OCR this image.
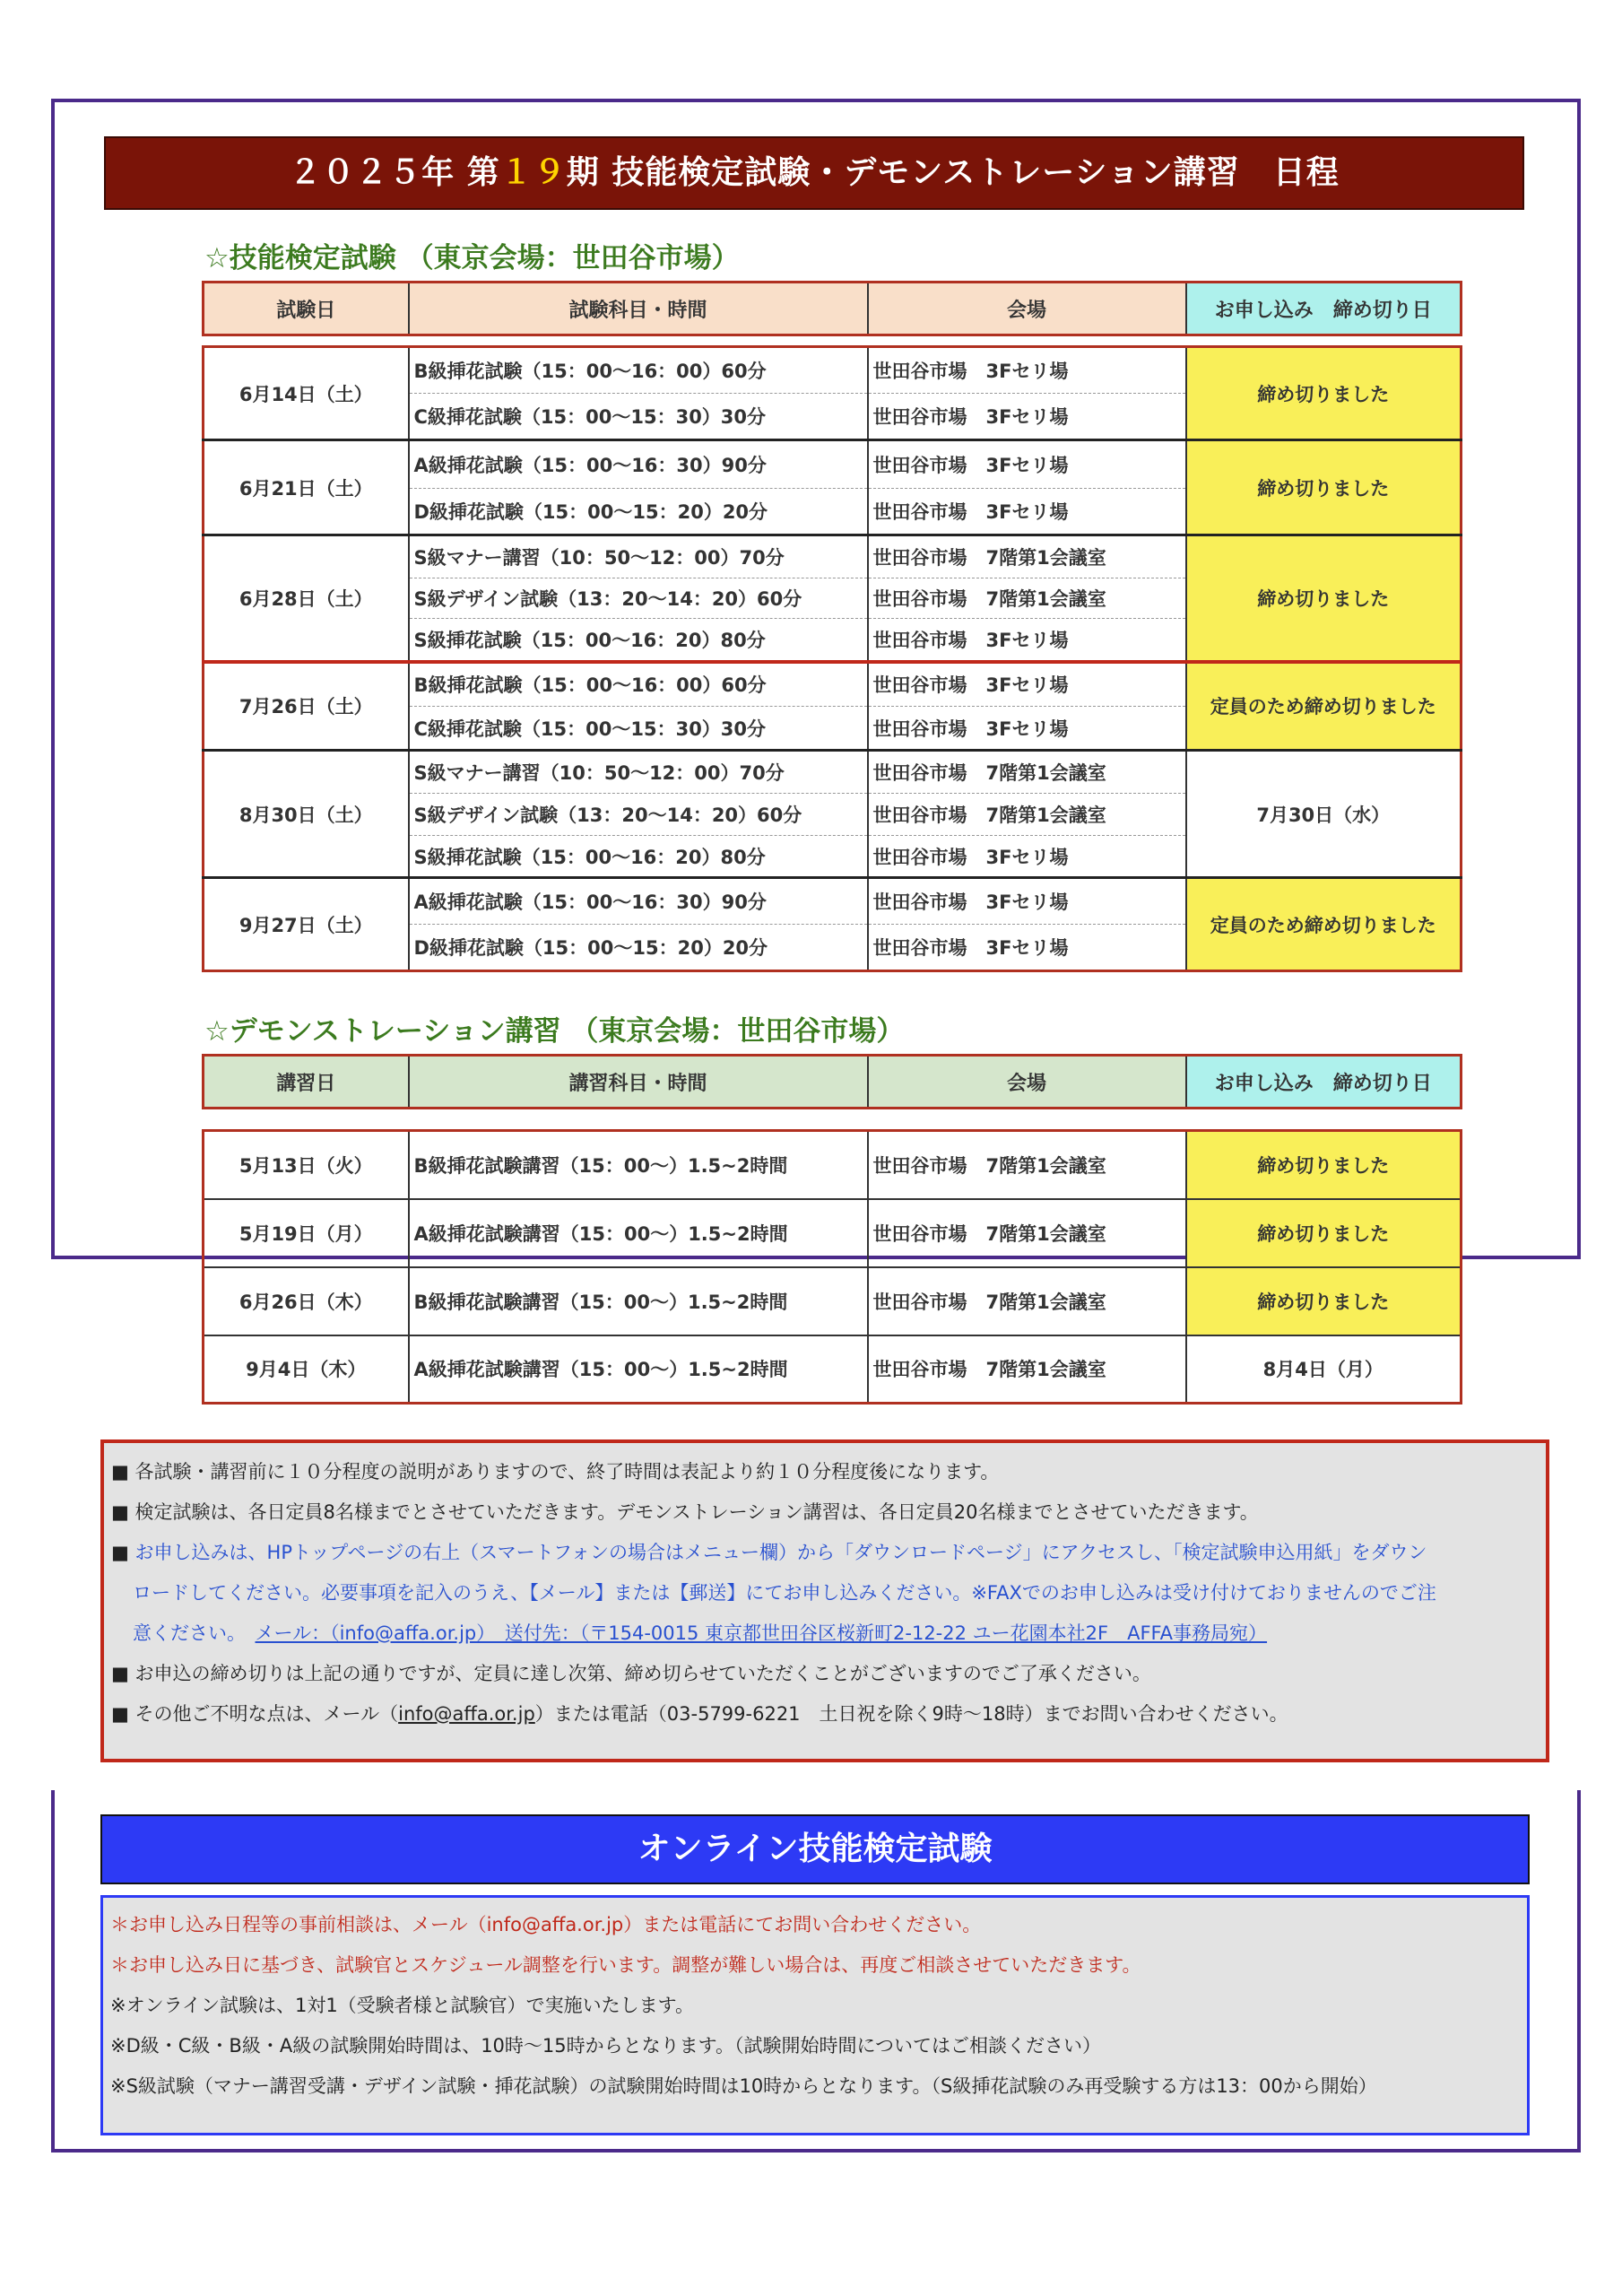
２０２５年 第１９期 技能検定試験・デモンストレーション講習　日程
☆技能検定試験 （東京会場：世田谷市場）
試験日	試験科目・時間	会場	お申し込み　締め切り日
6月14日（土）	B級挿花試験（15：00〜16：00）60分	世田谷市場　3Fセリ場	締め切りました
	C級挿花試験（15：00〜15：30）30分	世田谷市場　3Fセリ場	
6月21日（土）	A級挿花試験（15：00〜16：30）90分	世田谷市場　3Fセリ場	締め切りました
	D級挿花試験（15：00〜15：20）20分	世田谷市場　3Fセリ場	
6月28日（土）	S級マナー講習（10：50〜12：00）70分	世田谷市場　7階第1会議室	締め切りました
	S級デザイン試験（13：20〜14：20）60分	世田谷市場　7階第1会議室	
	S級挿花試験（15：00〜16：20）80分	世田谷市場　3Fセリ場	
7月26日（土）	B級挿花試験（15：00〜16：00）60分	世田谷市場　3Fセリ場	定員のため締め切りました
	C級挿花試験（15：00〜15：30）30分	世田谷市場　3Fセリ場	
8月30日（土）	S級マナー講習（10：50〜12：00）70分	世田谷市場　7階第1会議室	7月30日（水）
	S級デザイン試験（13：20〜14：20）60分	世田谷市場　7階第1会議室	
	S級挿花試験（15：00〜16：20）80分	世田谷市場　3Fセリ場	
9月27日（土）	A級挿花試験（15：00〜16：30）90分	世田谷市場　3Fセリ場	定員のため締め切りました
	D級挿花試験（15：00〜15：20）20分	世田谷市場　3Fセリ場	
☆デモンストレーション講習 （東京会場：世田谷市場）
講習日	講習科目・時間	会場	お申し込み　締め切り日
5月13日（火）	B級挿花試験講習（15：00〜）1.5~2時間	世田谷市場　7階第1会議室	締め切りました
5月19日（月）	A級挿花試験講習（15：00〜）1.5~2時間	世田谷市場　7階第1会議室	締め切りました
6月26日（木）	B級挿花試験講習（15：00〜）1.5~2時間	世田谷市場　7階第1会議室	締め切りました
9月4日（木）	A級挿花試験講習（15：00〜）1.5~2時間	世田谷市場　7階第1会議室	8月4日（月）
■ 各試験・講習前に１０分程度の説明がありますので、終了時間は表記より約１０分程度後になります。
■ 検定試験は、各日定員8名様までとさせていただきます。デモンストレーション講習は、各日定員20名様までとさせていただきます。
■ お申し込みは、HPトップページの右上（スマートフォンの場合はメニュー欄）から「ダウンロードページ」にアクセスし、「検定試験申込用紙」をダウン
ロードしてください。必要事項を記入のうえ、【メール】または【郵送】にてお申し込みください。※FAXでのお申し込みは受け付けておりませんのでご注
意ください。　 メール：（info@affa.or.jp）　送付先：（〒154-0015 東京都世田谷区桜新町2-12-22 ユー花園本社2F　AFFA事務局宛）
■ お申込の締め切りは上記の通りですが、定員に達し次第、締め切らせていただくことがございますのでご了承ください。
■ その他ご不明な点は、メール（info@affa.or.jp）または電話（03-5799-6221　土日祝を除く9時〜18時）までお問い合わせください。
オンライン技能検定試験
＊お申し込み日程等の事前相談は、メール（info@affa.or.jp）または電話にてお問い合わせください。
＊お申し込み日に基づき、試験官とスケジュール調整を行います。調整が難しい場合は、再度ご相談させていただきます。
※オンライン試験は、1対1（受験者様と試験官）で実施いたします。
※D級・C級・B級・A級の試験開始時間は、10時〜15時からとなります。（試験開始時間についてはご相談ください）
※S級試験（マナー講習受講・デザイン試験・挿花試験）の試験開始時間は10時からとなります。（S級挿花試験のみ再受験する方は13：00から開始）
